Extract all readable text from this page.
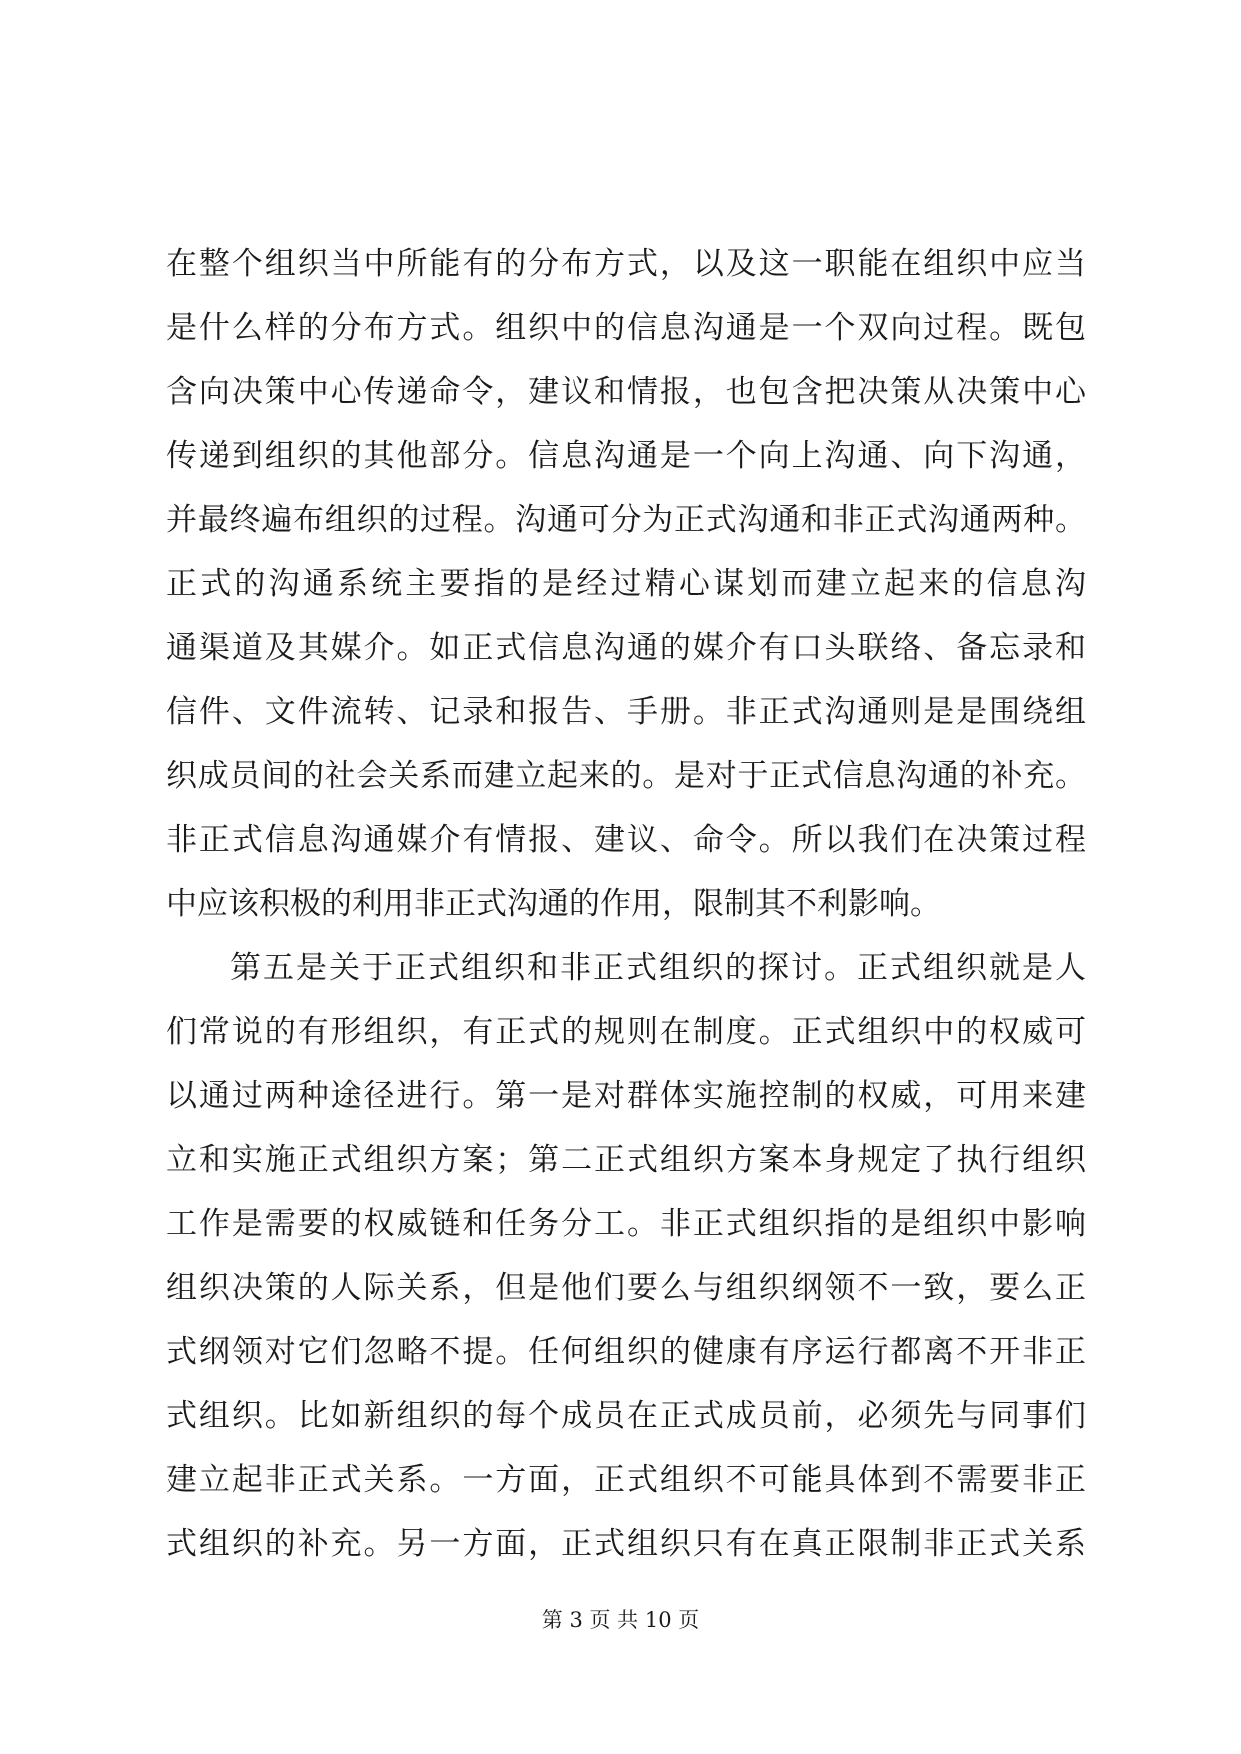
在整个组织当中所能有的分布方式，以及这一职能在组织中应当
是什么样的分布方式。组织中的信息沟通是一个双向过程。既包
含向决策中心传递命令，建议和情报，也包含把决策从决策中心
传递到组织的其他部分。信息沟通是一个向上沟通、向下沟通，
并最终遍布组织的过程。沟通可分为正式沟通和非正式沟通两种。
正式的沟通系统主要指的是经过精心谋划而建立起来的信息沟
通渠道及其媒介。如正式信息沟通的媒介有口头联络、备忘录和
信件、文件流转、记录和报告、手册。非正式沟通则是是围绕组
织成员间的社会关系而建立起来的。是对于正式信息沟通的补充。
非正式信息沟通媒介有情报、建议、命令。所以我们在决策过程
中应该积极的利用非正式沟通的作用，限制其不利影响。
第五是关于正式组织和非正式组织的探讨。正式组织就是人
们常说的有形组织，有正式的规则在制度。正式组织中的权威可
以通过两种途径进行。第一是对群体实施控制的权威，可用来建
立和实施正式组织方案；第二正式组织方案本身规定了执行组织
工作是需要的权威链和任务分工。非正式组织指的是组织中影响
组织决策的人际关系，但是他们要么与组织纲领不一致，要么正
式纲领对它们忽略不提。任何组织的健康有序运行都离不开非正
式组织。比如新组织的每个成员在正式成员前，必须先与同事们
建立起非正式关系。一方面，正式组织不可能具体到不需要非正
式组织的补充。另一方面，正式组织只有在真正限制非正式关系
第 3 页 共 10 页
